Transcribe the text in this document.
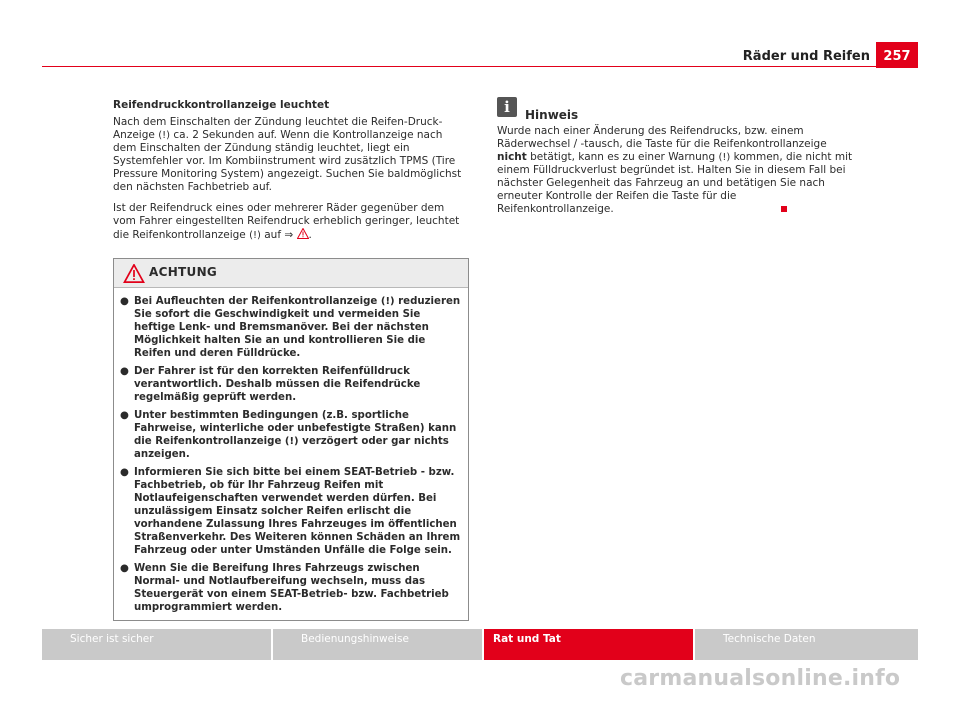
Räder und Reifen	257
Reifendruckkontrollanzeige leuchtet

Nach dem Einschalten der Zündung leuchtet die Reifen-Druck-Anzeige (!) ca. 2 Sekunden auf. Wenn die Kontrollanzeige nach dem Einschalten der Zündung ständig leuchtet, liegt ein Systemfehler vor. Im Kombiinstrument wird zusätzlich TPMS (Tire Pressure Monitoring System) angezeigt. Suchen Sie baldmöglichst den nächsten Fachbetrieb auf.

Ist der Reifendruck eines oder mehrerer Räder gegenüber dem vom Fahrer eingestellten Reifendruck erheblich geringer, leuchtet die Reifenkontrollanzeige (!) auf ⇒ .

ACHTUNG
● Bei Aufleuchten der Reifenkontrollanzeige (!) reduzieren Sie sofort die Geschwindigkeit und vermeiden Sie heftige Lenk- und Bremsmanöver. Bei der nächsten Möglichkeit halten Sie an und kontrollieren Sie die Reifen und deren Fülldrücke.
● Der Fahrer ist für den korrekten Reifenfülldruck verantwortlich. Deshalb müssen die Reifendrücke regelmäßig geprüft werden.
● Unter bestimmten Bedingungen (z.B. sportliche Fahrweise, winterliche oder unbefestigte Straßen) kann die Reifenkontrollanzeige (!) verzögert oder gar nichts anzeigen.
● Informieren Sie sich bitte bei einem SEAT-Betrieb - bzw. Fachbetrieb, ob für Ihr Fahrzeug Reifen mit Notlaufeigenschaften verwendet werden dürfen. Bei unzulässigem Einsatz solcher Reifen erlischt die vorhandene Zulassung Ihres Fahrzeuges im öffentlichen Straßenverkehr. Des Weiteren können Schäden an Ihrem Fahrzeug oder unter Umständen Unfälle die Folge sein.
● Wenn Sie die Bereifung Ihres Fahrzeugs zwischen Normal- und Notlaufbereifung wechseln, muss das Steuergerät von einem SEAT-Betrieb- bzw. Fachbetrieb umprogrammiert werden.
i	Hinweis
Wurde nach einer Änderung des Reifendrucks, bzw. einem Räderwechsel / -tausch, die Taste für die Reifenkontrollanzeige nicht betätigt, kann es zu einer Warnung (!) kommen, die nicht mit einem Fülldruckverlust begründet ist. Halten Sie in diesem Fall bei nächster Gelegenheit das Fahrzeug an und betätigen Sie nach erneuter Kontrolle der Reifen die Taste für die Reifenkontrollanzeige.
Sicher ist sicher	Bedienungshinweise	Rat und Tat	Technische Daten
carmanualsonline.info
